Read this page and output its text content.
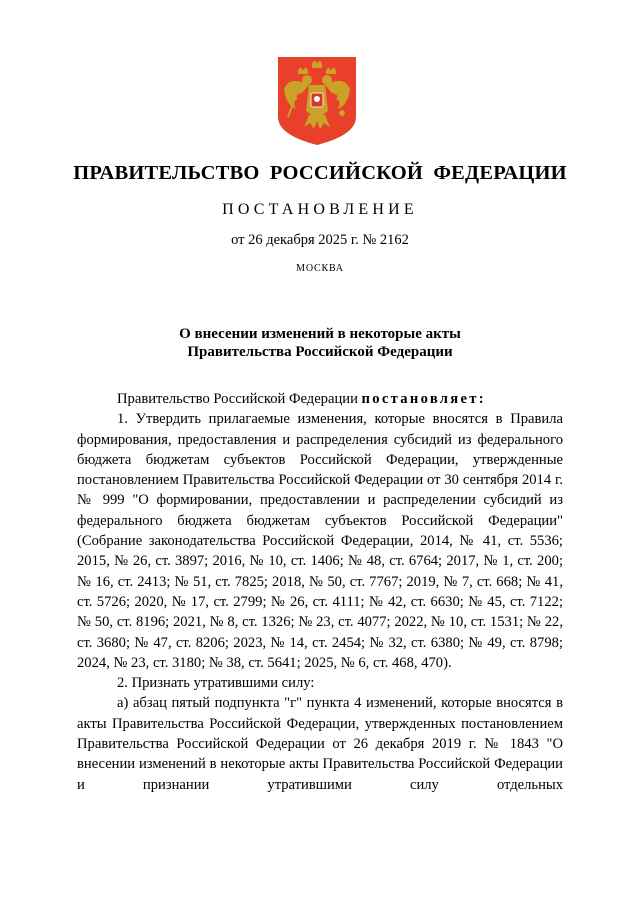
ПРАВИТЕЛЬСТВО РОССИЙСКОЙ ФЕДЕРАЦИИ
ПОСТАНОВЛЕНИЕ
от 26 декабря 2025 г. № 2162
МОСКВА
О внесении изменений в некоторые акты
Правительства Российской Федерации

Правительство Российской Федерации постановляет:

1. Утвердить прилагаемые изменения, которые вносятся в Правила формирования, предоставления и распределения субсидий из федерального бюджета бюджетам субъектов Российской Федерации, утвержденные постановлением Правительства Российской Федерации от 30 сентября 2014 г. № 999 "О формировании, предоставлении и распределении субсидий из федерального бюджета бюджетам субъектов Российской Федерации" (Собрание законодательства Российской Федерации, 2014, № 41, ст. 5536; 2015, № 26, ст. 3897; 2016, № 10, ст. 1406; № 48, ст. 6764; 2017, № 1, ст. 200; № 16, ст. 2413; № 51, ст. 7825; 2018, № 50, ст. 7767; 2019, № 7, ст. 668; № 41, ст. 5726; 2020, № 17, ст. 2799; № 26, ст. 4111; № 42, ст. 6630; № 45, ст. 7122; № 50, ст. 8196; 2021, № 8, ст. 1326; № 23, ст. 4077; 2022, № 10, ст. 1531; № 22, ст. 3680; № 47, ст. 8206; 2023, № 14, ст. 2454; № 32, ст. 6380; № 49, ст. 8798; 2024, № 23, ст. 3180; № 38, ст. 5641; 2025, № 6, ст. 468, 470).

2. Признать утратившими силу:

а) абзац пятый подпункта "г" пункта 4 изменений, которые вносятся в акты Правительства Российской Федерации, утвержденных постановлением Правительства Российской Федерации от 26 декабря 2019 г. № 1843 "О внесении изменений в некоторые акты Правительства Российской Федерации и признании утратившими силу отдельных
